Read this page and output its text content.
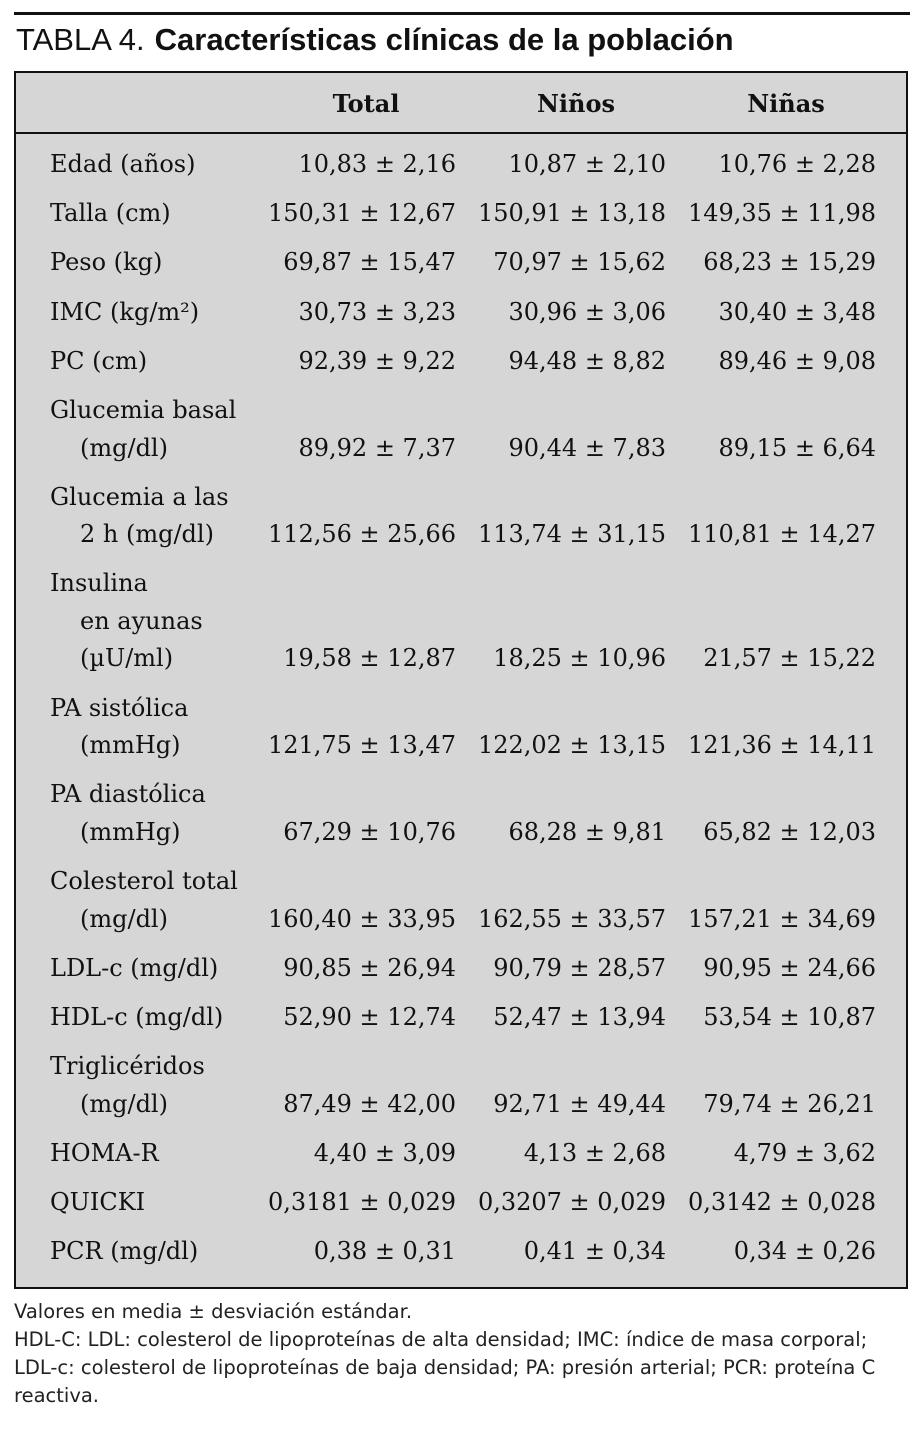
TABLA 4. Características clínicas de la población
Total	Niños	Niñas
Edad (años)	10,83 ± 2,16	10,87 ± 2,10	10,76 ± 2,28
Talla (cm)	150,31 ± 12,67 150,91 ± 13,18 149,35 ± 11,98
Peso (kg)	69,87 ± 15,47	70,97 ± 15,62	68,23 ± 15,29
IMC (kg/m²)	30,73 ± 3,23	30,96 ± 3,06	30,40 ± 3,48
PC (cm)	92,39 ± 9,22	94,48 ± 8,82	89,46 ± 9,08
Glucemia basal
(mg/dl)	89,92 ± 7,37	90,44 ± 7,83	89,15 ± 6,64
Glucemia a las
2 h (mg/dl)	112,56 ± 25,66 113,74 ± 31,15 110,81 ± 14,27
Insulina
en ayunas
(µU/ml)	19,58 ± 12,87	18,25 ± 10,96	21,57 ± 15,22
PA sistólica
(mmHg)	121,75 ± 13,47 122,02 ± 13,15 121,36 ± 14,11
PA diastólica
(mmHg)	67,29 ± 10,76	68,28 ± 9,81	65,82 ± 12,03
Colesterol total
(mg/dl)	160,40 ± 33,95 162,55 ± 33,57 157,21 ± 34,69
LDL-c (mg/dl)	90,85 ± 26,94	90,79 ± 28,57	90,95 ± 24,66
HDL-c (mg/dl)	52,90 ± 12,74	52,47 ± 13,94	53,54 ± 10,87
Triglicéridos
(mg/dl)	87,49 ± 42,00	92,71 ± 49,44	79,74 ± 26,21
HOMA-R	4,40 ± 3,09	4,13 ± 2,68	4,79 ± 3,62
QUICKI	0,3181 ± 0,029 0,3207 ± 0,029 0,3142 ± 0,028
PCR (mg/dl)	0,38 ± 0,31	0,41 ± 0,34	0,34 ± 0,26

Valores en media ± desviación estándar.

HDL-C: LDL: colesterol de lipoproteínas de alta densidad; IMC: índice de masa corporal; LDL-c: colesterol de lipoproteínas de baja densidad; PA: presión arterial; PCR: proteína C reactiva.
